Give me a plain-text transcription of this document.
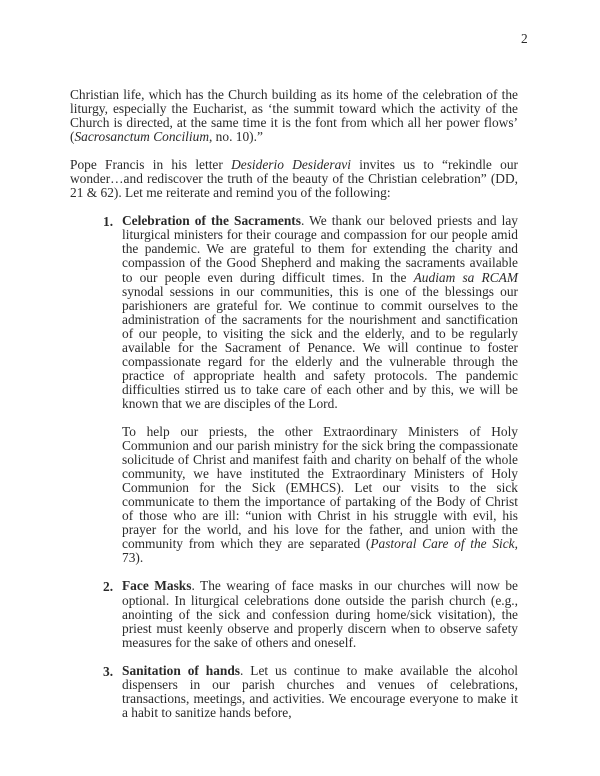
2

Christian life, which has the Church building as its home of the celebration of the liturgy, especially the Eucharist, as ‘the summit toward which the activity of the Church is directed, at the same time it is the font from which all her power flows’ (Sacrosanctum Concilium, no. 10).”

Pope Francis in his letter Desiderio Desideravi invites us to “rekindle our wonder…and rediscover the truth of the beauty of the Christian celebration” (DD, 21 & 62). Let me reiterate and remind you of the following:

1. Celebration of the Sacraments. We thank our beloved priests and lay liturgical ministers for their courage and compassion for our people amid the pandemic. We are grateful to them for extending the charity and compassion of the Good Shepherd and making the sacraments available to our people even during difficult times. In the Audiam sa RCAM synodal sessions in our communities, this is one of the blessings our parishioners are grateful for. We continue to commit ourselves to the administration of the sacraments for the nourishment and sanctification of our people, to visiting the sick and the elderly, and to be regularly available for the Sacrament of Penance. We will continue to foster compassionate regard for the elderly and the vulnerable through the practice of appropriate health and safety protocols. The pandemic difficulties stirred us to take care of each other and by this, we will be known that we are disciples of the Lord.

To help our priests, the other Extraordinary Ministers of Holy Communion and our parish ministry for the sick bring the compassionate solicitude of Christ and manifest faith and charity on behalf of the whole community, we have instituted the Extraordinary Ministers of Holy Communion for the Sick (EMHCS). Let our visits to the sick communicate to them the importance of partaking of the Body of Christ of those who are ill: “union with Christ in his struggle with evil, his prayer for the world, and his love for the father, and union with the community from which they are separated (Pastoral Care of the Sick, 73).

2. Face Masks. The wearing of face masks in our churches will now be optional. In liturgical celebrations done outside the parish church (e.g., anointing of the sick and confession during home/sick visitation), the priest must keenly observe and properly discern when to observe safety measures for the sake of others and oneself.

3. Sanitation of hands. Let us continue to make available the alcohol dispensers in our parish churches and venues of celebrations, transactions, meetings, and activities. We encourage everyone to make it a habit to sanitize hands before,
